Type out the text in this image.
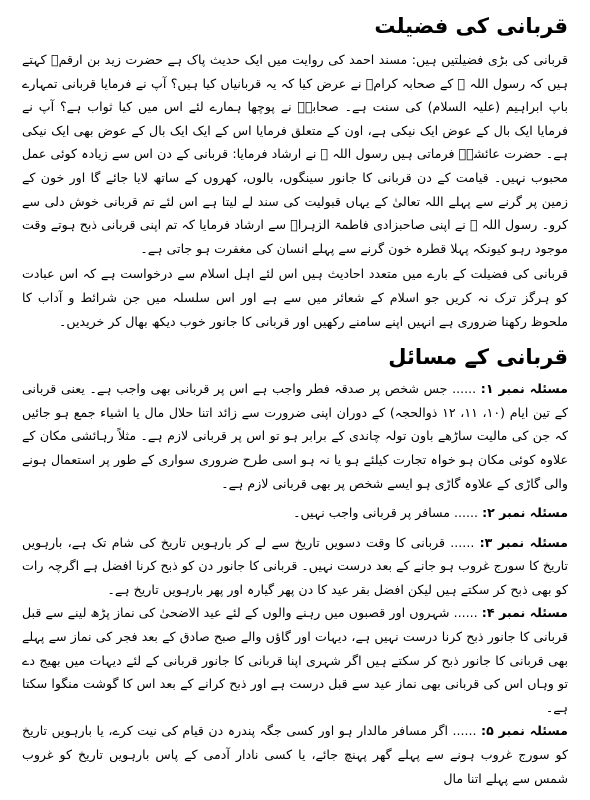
قربانی کی فضیلت

قربانی کی بڑی فضیلتیں ہیں: مسند احمد کی روایت میں ایک حدیث پاک ہے حضرت زید بن ارقمؓ کہتے ہیں کہ رسول اللہ ﷺ کے صحابہ کرامؓ نے عرض کیا کہ یہ قربانیاں کیا ہیں؟ آپ نے فرمایا قربانی تمہارے باپ ابراہیم (علیہ السلام) کی سنت ہے۔ صحابہؓ نے پوچھا ہمارے لئے اس میں کیا ثواب ہے؟ آپ نے فرمایا ایک بال کے عوض ایک نیکی ہے، اون کے متعلق فرمایا اس کے ایک ایک بال کے عوض بھی ایک نیکی ہے۔ حضرت عائشہؓ فرماتی ہیں رسول اللہ ﷺ نے ارشاد فرمایا: قربانی کے دن اس سے زیادہ کوئی عمل محبوب نہیں۔ قیامت کے دن قربانی کا جانور سینگوں، بالوں، کھروں کے ساتھ لایا جائے گا اور خون کے زمین پر گرنے سے پہلے اللہ تعالیٰ کے یہاں قبولیت کی سند لے لیتا ہے اس لئے تم قربانی خوش دلی سے کرو۔ رسول اللہ ﷺ نے اپنی صاحبزادی فاطمۃ الزہراؓ سے ارشاد فرمایا کہ تم اپنی قربانی ذبح ہوتے وقت موجود رہو کیونکہ پہلا قطرہ خون گرنے سے پہلے انسان کی مغفرت ہو جاتی ہے۔

قربانی کی فضیلت کے بارے میں متعدد احادیث ہیں اس لئے اہل اسلام سے درخواست ہے کہ اس عبادت کو ہرگز ترک نہ کریں جو اسلام کے شعائر میں سے ہے اور اس سلسلہ میں جن شرائط و آداب کا ملحوظ رکھنا ضروری ہے انہیں اپنے سامنے رکھیں اور قربانی کا جانور خوب دیکھ بھال کر خریدیں۔

قربانی کے مسائل
مسئلہ نمبر ۱: ...... جس شخص پر صدقہ فطر واجب ہے اس پر قربانی بھی واجب ہے۔ یعنی قربانی کے تین ایام (۱۰، ۱۱، ۱۲ ذوالحجہ) کے دوران اپنی ضرورت سے زائد اتنا حلال مال یا اشیاء جمع ہو جائیں کہ جن کی مالیت ساڑھے باون تولہ چاندی کے برابر ہو تو اس پر قربانی لازم ہے۔ مثلاً رہائشی مکان کے علاوہ کوئی مکان ہو خواہ تجارت کیلئے ہو یا نہ ہو اسی طرح ضروری سواری کے طور پر استعمال ہونے والی گاڑی کے علاوہ گاڑی ہو ایسے شخص پر بھی قربانی لازم ہے۔
مسئلہ نمبر ۲: ...... مسافر پر قربانی واجب نہیں۔
مسئلہ نمبر ۳: ...... قربانی کا وقت دسویں تاریخ سے لے کر بارہویں تاریخ کی شام تک ہے، بارہویں تاریخ کا سورج غروب ہو جانے کے بعد درست نہیں۔ قربانی کا جانور دن کو ذبح کرنا افضل ہے اگرچہ رات کو بھی ذبح کر سکتے ہیں لیکن افضل بقر عید کا دن پھر گیارہ اور پھر بارہویں تاریخ ہے۔
مسئلہ نمبر ۴: ...... شہروں اور قصبوں میں رہنے والوں کے لئے عید الاضحیٰ کی نماز پڑھ لینے سے قبل قربانی کا جانور ذبح کرنا درست نہیں ہے، دیہات اور گاؤں والے صبح صادق کے بعد فجر کی نماز سے پہلے بھی قربانی کا جانور ذبح کر سکتے ہیں اگر شہری اپنا قربانی کا جانور قربانی کے لئے دیہات میں بھیج دے تو وہاں اس کی قربانی بھی نماز عید سے قبل درست ہے اور ذبح کرانے کے بعد اس کا گوشت منگوا سکتا ہے۔
مسئلہ نمبر ۵: ...... اگر مسافر مالدار ہو اور کسی جگہ پندرہ دن قیام کی نیت کرے، یا بارہویں تاریخ کو سورج غروب ہونے سے پہلے گھر پہنچ جائے، یا کسی نادار آدمی کے پاس بارہویں تاریخ کو غروب شمس سے پہلے اتنا مال
